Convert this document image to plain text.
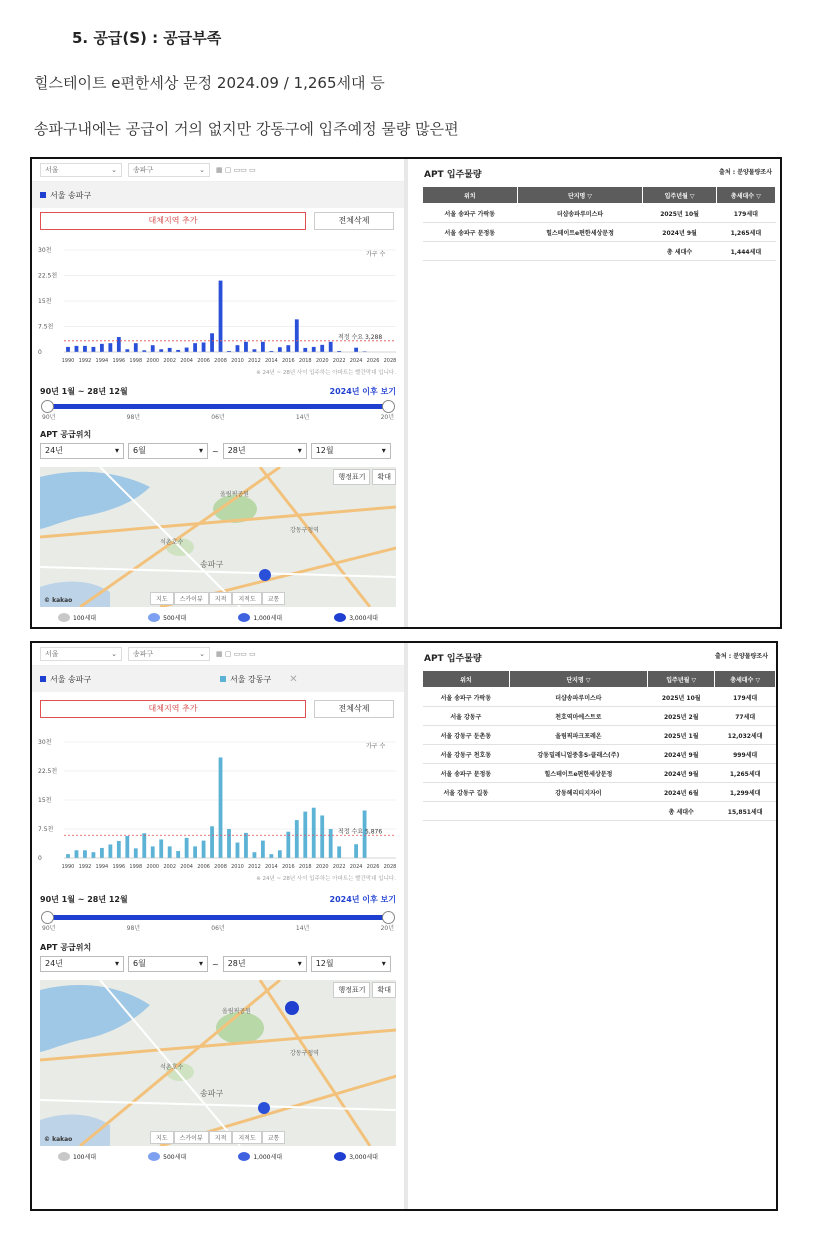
5. 공급(S) : 공급부족
힐스테이트 e편한세상 문정 2024.09 / 1,265세대 등
송파구내에는 공급이 거의 없지만 강동구에 입주예정 물량 많은편
서울	⌄ 송파구	⌄ ▦ ▢ ▭▭ ▭
서울 송파구
대체지역 추가	전체삭제
30천
22.5천
15천
7.5천
0
가구 수
적정 수요 3,288
1990 1992 1994 1996 1998 2000 2002 2004 2006 2008 2010 2012 2014 2016 2018 2020 2022 2024 2026 2028
※ 24년 ~ 28년 사이 입주하는 아파트는 빨간막대 입니다.
90년 1월 ~ 28년 12월	2024년 이후 보기
90년	98년	06년	14년	20년
APT 공급위치
24년	▾ 6월	▾ ~ 28년	▾ 12월	▾
송파구
올림픽공원
석촌호수
강동구청역
행정표기	확대
지도	스카이뷰	지적	지적도	교통
© kakao
100세대	500세대	1,000세대	3,000세대
APT 입주물량	출처 : 분양물량조사
위치	단지명 ▽	입주년월 ▽	총세대수 ▽
서울 송파구 가락동	더샵송파루미스타	2025년 10월	179세대
서울 송파구 문정동	힐스테이트e편한세상문정	2024년 9월	1,265세대
		총 세대수	1,444세대
서울	⌄ 송파구	⌄ ▦ ▢ ▭▭ ▭
서울 송파구	서울 강동구 ✕
대체지역 추가	전체삭제
30천
22.5천
15천
7.5천
0
가구 수
적정 수요 5,876
1990 1992 1994 1996 1998 2000 2002 2004 2006 2008 2010 2012 2014 2016 2018 2020 2022 2024 2026 2028
※ 24년 ~ 28년 사이 입주하는 아파트는 빨간막대 입니다.
90년 1월 ~ 28년 12월	2024년 이후 보기
90년	98년	06년	14년	20년
APT 공급위치
24년	▾ 6월	▾ ~ 28년	▾ 12월	▾
송파구
올림픽공원
석촌호수
강동구청역
행정표기	확대
지도	스카이뷰	지적	지적도	교통
© kakao
100세대	500세대	1,000세대	3,000세대
APT 입주물량	출처 : 분양물량조사
위치	단지명 ▽	입주년월 ▽	총세대수 ▽
서울 송파구 가락동	더샵송파루미스타	2025년 10월	179세대
서울 강동구	천호역마에스트로	2025년 2월	77세대
서울 강동구 둔촌동	올림픽파크포레온	2025년 1월	12,032세대
서울 강동구 천호동	강동밀레니얼중흥S-클래스(주)	2024년 9월	999세대
서울 송파구 문정동	힐스테이트e편한세상문정	2024년 9월	1,265세대
서울 강동구 길동	강동헤리티지자이	2024년 6월	1,299세대
		총 세대수	15,851세대
